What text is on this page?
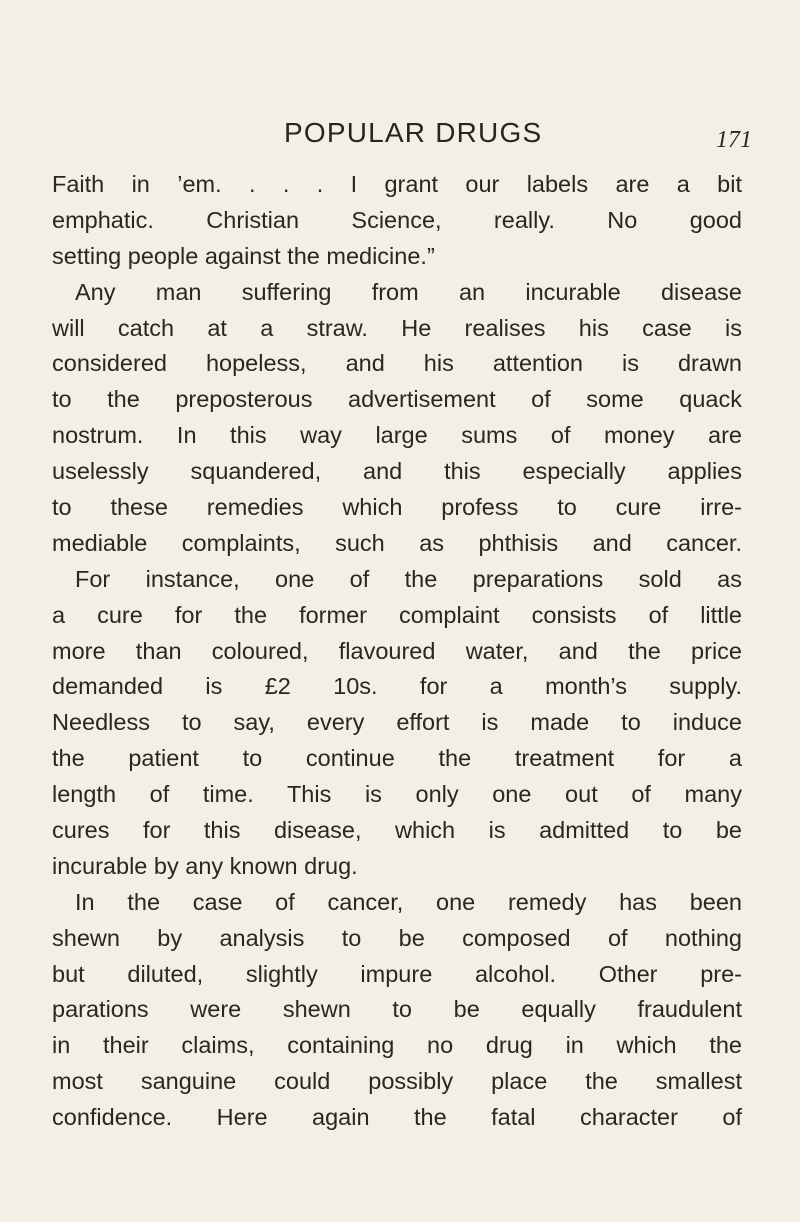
POPULAR DRUGS	171
Faith in ’em. . . . I grant our labels are a bit
emphatic. Christian Science, really. No good
setting people against the medicine.”
Any man suffering from an incurable disease
will catch at a straw. He realises his case is
considered hopeless, and his attention is drawn
to the preposterous advertisement of some quack
nostrum. In this way large sums of money are
uselessly squandered, and this especially applies
to these remedies which profess to cure irre-
mediable complaints, such as phthisis and cancer.
For instance, one of the preparations sold as
a cure for the former complaint consists of little
more than coloured, flavoured water, and the price
demanded is £2 10s. for a month’s supply.
Needless to say, every effort is made to induce
the patient to continue the treatment for a
length of time. This is only one out of many
cures for this disease, which is admitted to be
incurable by any known drug.
In the case of cancer, one remedy has been
shewn by analysis to be composed of nothing
but diluted, slightly impure alcohol. Other pre-
parations were shewn to be equally fraudulent
in their claims, containing no drug in which the
most sanguine could possibly place the smallest
confidence. Here again the fatal character of
